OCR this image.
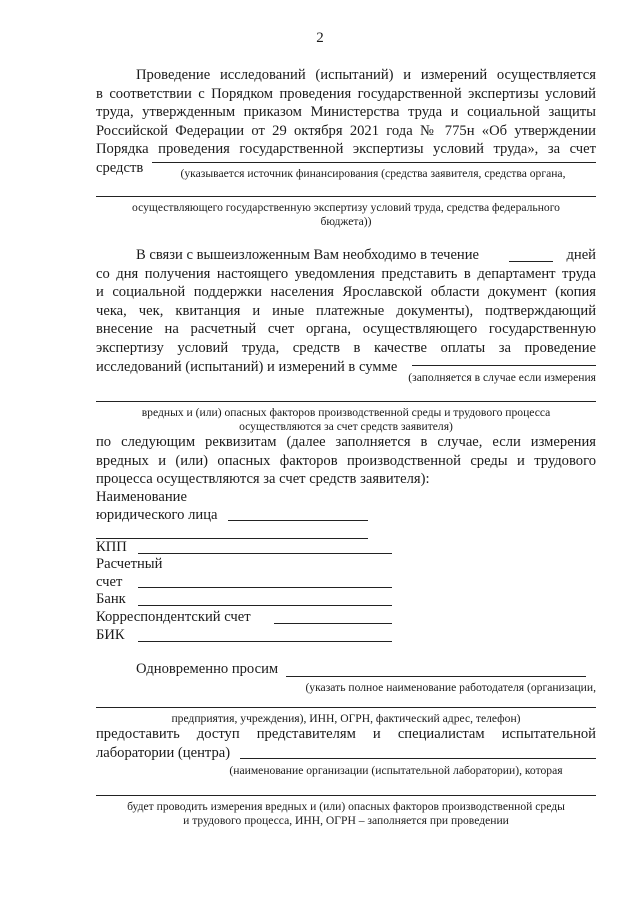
2
Проведение исследований (испытаний) и измерений осуществляется
в соответствии с Порядком проведения государственной экспертизы условий
труда, утвержденным приказом Министерства труда и социальной защиты
Российской Федерации от 29 октября 2021 года № 775н «Об утверждении
Порядка проведения государственной экспертизы условий труда», за счет
средств	(указывается источник финансирования (средства заявителя, средства органа,
осуществляющего государственную экспертизу условий труда, средства федерального
бюджета))
В связи с вышеизложенным Вам необходимо в течение	дней
со дня получения настоящего уведомления представить в департамент труда
и социальной поддержки населения Ярославской области документ (копия
чека, чек, квитанция и иные платежные документы), подтверждающий
внесение на расчетный счет органа, осуществляющего государственную
экспертизу условий труда, средств в качестве оплаты за проведение
исследований (испытаний) и измерений в сумме
(заполняется в случае если измерения
вредных и (или) опасных факторов производственной среды и трудового процесса
осуществляются за счет средств заявителя)
по следующим реквизитам (далее заполняется в случае, если измерения
вредных и (или) опасных факторов производственной среды и трудового
процесса осуществляются за счет средств заявителя):
Наименование
юридического лица
КПП
Расчетный
счет
Банк
Корреспондентский счет
БИК
Одновременно просим
(указать полное наименование работодателя (организации,
предприятия, учреждения), ИНН, ОГРН, фактический адрес, телефон)
предоставить доступ представителям и специалистам испытательной
лаборатории (центра)
(наименование организации (испытательной лаборатории), которая
будет проводить измерения вредных и (или) опасных факторов производственной среды
и трудового процесса, ИНН, ОГРН – заполняется при проведении
